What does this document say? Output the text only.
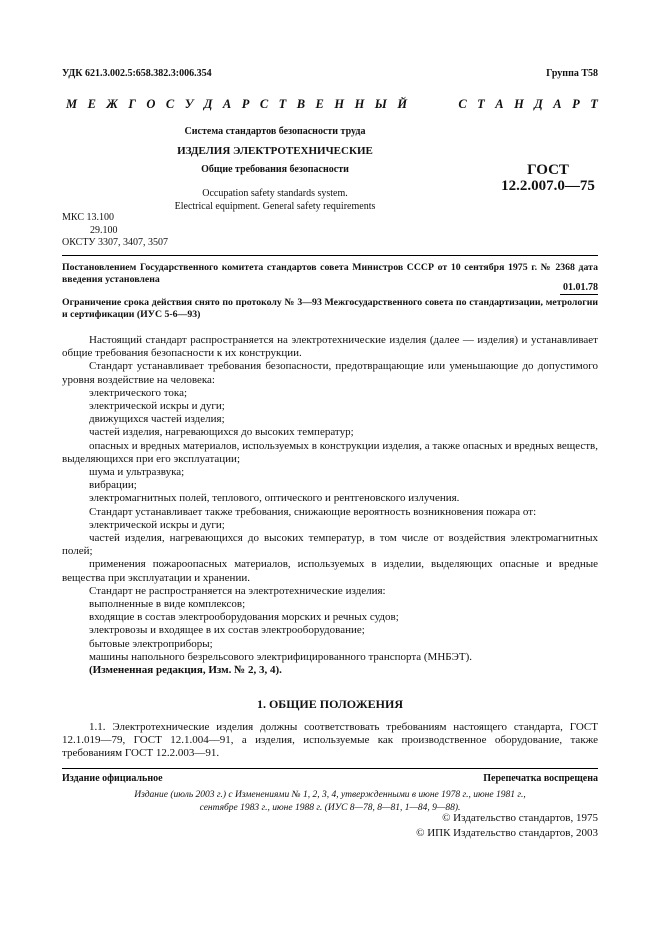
УДК 621.3.002.5:658.382.3:006.354	Группа Т58
М Е Ж Г О С У Д А Р С Т В Е Н Н Ы Й

	С Т А Н Д А Р Т
Система стандартов безопасности труда
ИЗДЕЛИЯ ЭЛЕКТРОТЕХНИЧЕСКИЕ
Общие требования безопасности
Occupation safety standards system.
Electrical equipment. General safety requirements
ГОСТ
12.2.007.0—75
МКС 13.100
29.100
ОКСТУ 3307, 3407, 3507
Постановлением Государственного комитета стандартов совета Министров СССР от 10 сентября 1975 г. № 2368 дата введения установлена
01.01.78
Ограничение срока действия снято по протоколу № 3—93 Межгосударственного совета по стандартизации, метрологии и сертификации (ИУС 5-6—93)

Настоящий стандарт распространяется на электротехнические изделия (далее — изделия) и устанавливает общие требования безопасности к их конструкции.

Стандарт устанавливает требования безопасности, предотвращающие или уменьшающие до допустимого уровня воздействие на человека:

электрического тока;

электрической искры и дуги;

движущихся частей изделия;

частей изделия, нагревающихся до высоких температур;

опасных и вредных материалов, используемых в конструкции изделия, а также опасных и вредных веществ, выделяющихся при его эксплуатации;

шума и ультразвука;

вибрации;

электромагнитных полей, теплового, оптического и рентгеновского излучения.

Стандарт устанавливает также требования, снижающие вероятность возникновения пожара от:

электрической искры и дуги;

частей изделия, нагревающихся до высоких температур, в том числе от воздействия электромагнитных полей;

применения пожароопасных материалов, используемых в изделии, выделяющих опасные и вредные вещества при эксплуатации и хранении.

Стандарт не распространяется на электротехнические изделия:

выполненные в виде комплексов;

входящие в состав электрооборудования морских и речных судов;

электровозы и входящее в их состав электрооборудование;

бытовые электроприборы;

машины напольного безрельсового электрифицированного транспорта (МНБЭТ).

(Измененная редакция, Изм. № 2, 3, 4).

1. ОБЩИЕ ПОЛОЖЕНИЯ

1.1. Электротехнические изделия должны соответствовать требованиям настоящего стандарта, ГОСТ 12.1.019—79, ГОСТ 12.1.004—91, а изделия, используемые как производственное оборудование, также требованиям ГОСТ 12.2.003—91.

Издание официальное	Перепечатка воспрещена
Издание (июль 2003 г.) с Изменениями № 1, 2, 3, 4, утвержденными в июне 1978 г., июне 1981 г.,
сентябре 1983 г., июне 1988 г. (ИУС 8—78, 8—81, 1—84, 9—88).
© Издательство стандартов, 1975
© ИПК Издательство стандартов, 2003
